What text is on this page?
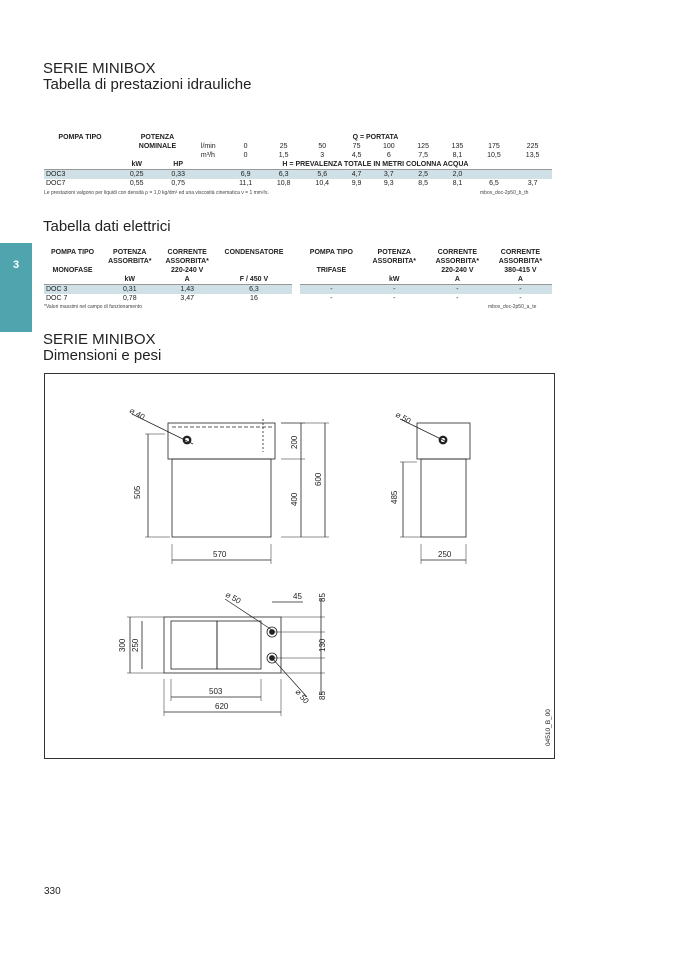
SERIE MINIBOX
Tabella di prestazioni idrauliche
POMPA TIPO	POTENZA		Q = PORTATA									
	NOMINALE		l/min	0	25	50	75	100	125	135	175	225
			m³/h	0	1,5	3	4,5	6	7,5	8,1	10,5	13,5
	kW	HP	H = PREVALENZA TOTALE IN METRI COLONNA ACQUA									
DOC3	0,25	0,33		6,9	6,3	5,6	4,7	3,7	2,5	2,0		
DOC7	0,55	0,75		11,1	10,8	10,4	9,9	9,3	8,5	8,1	6,5	3,7
Le prestazioni valgono per liquidi con densità ρ = 1,0 kg/dm³ ed una viscosità cinematica ν = 1 mm²/s.	mbox_doc-2p50_b_th
3
Tabella dati elettrici
POMPA TIPO	POTENZA	CORRENTE	CONDENSATORE
	ASSORBITA*	ASSORBITA*	
MONOFASE		220-240 V	
	kW	A	F / 450 V
DOC 3	0,31	1,43	6,3
DOC 7	0,78	3,47	16
POMPA TIPO	POTENZA	CORRENTE	CORRENTE
	ASSORBITA*	ASSORBITA*	ASSORBITA*
TRIFASE		220-240 V	380-415 V
	kW	A	A
-	-	-	-
-	-	-	-
*Valori massimi nel campo di funzionamento	mbox_doc-2p50_a_te
SERIE MINIBOX
Dimensioni e pesi
⌀ 40
505
200
400
600
570
⌀ 50
485
250
⌀ 50
⌀ 50
45 85
130
85
300 250
503
620
04510_B_00
330
